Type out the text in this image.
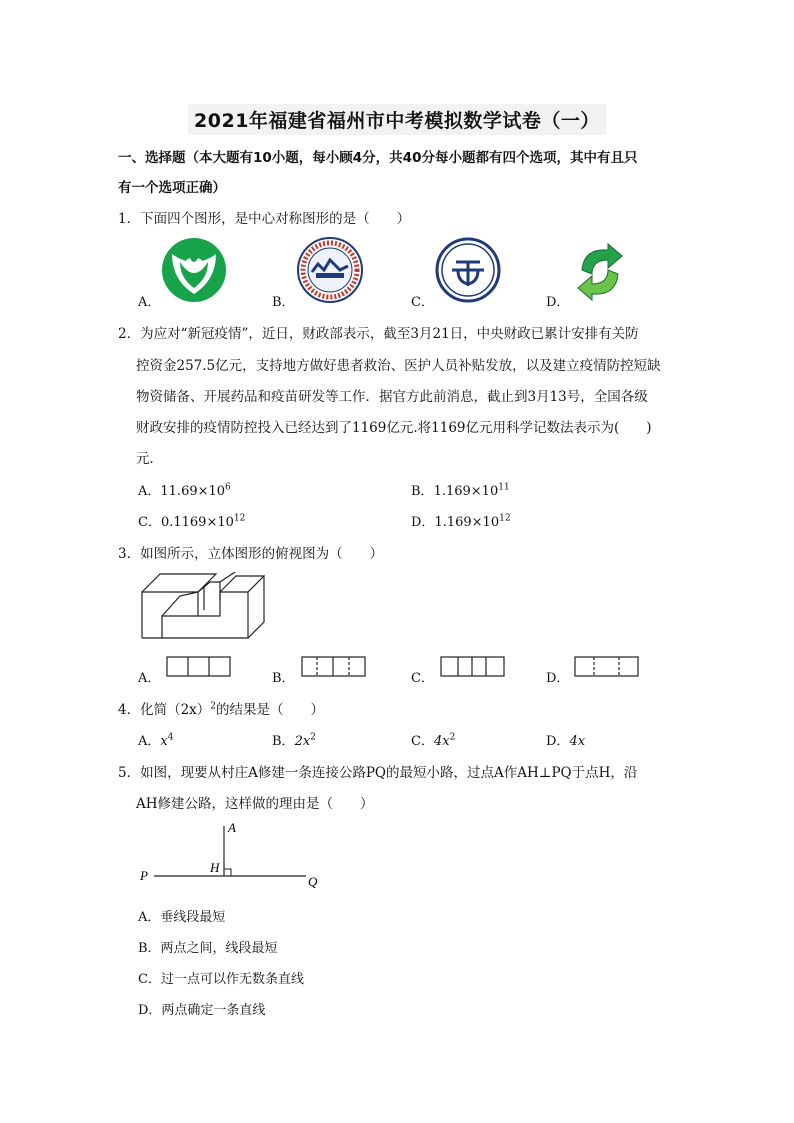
2021年福建省福州市中考模拟数学试卷（一）
一、选择题（本大题有10小题，每小顾4分，共40分每小题都有四个选项，其中有且只
有一个选项正确）
1．下面四个图形，是中心对称图形的是（　　）
A．	B．	C．	D．
2．为应对“新冠疫情”，近日，财政部表示，截至3月21日，中央财政已累计安排有关防
控资金257.5亿元，支持地方做好患者救治、医护人员补贴发放，以及建立疫情防控短缺
物资储备、开展药品和疫苗研发等工作．据官方此前消息，截止到3月13号，全国各级
财政安排的疫情防控投入已经达到了1169亿元.将1169亿元用科学记数法表示为(　　)
元．
A．$11.69\times 10^6$	B．$1.169\times 10^{11}$
C．$0.1169\times 10^{12}$	D．$1.169\times 10^{12}$
3．如图所示，立体图形的俯视图为（　　）
A．	B．	C．	D．
4．化简$(2x)^2$的结果是（　　）
A．$x^4$	B．$2x^2$	C．$4x^2$	D．4x
5．如图，现要从村庄A修建一条连接公路PQ的最短小路，过点A作AH⊥PQ于点H，沿
AH修建公路，这样做的理由是（　　）
A
H
P	Q
A．垂线段最短
B．两点之间，线段最短
C．过一点可以作无数条直线
D．两点确定一条直线
